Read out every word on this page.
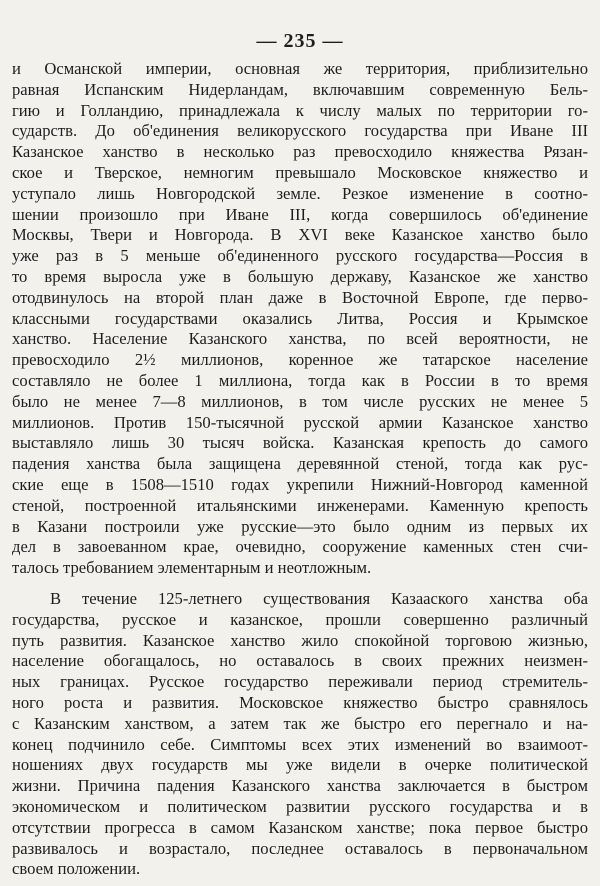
— 235 —
и Османской империи, основная же территория, приблизительно
равная Испанским Нидерландам, включавшим современную Бель-
гию и Голландию, принадлежала к числу малых по территории го-
сударств. До об'единения великорусского государства при Иване III
Казанское ханство в несколько раз превосходило княжества Рязан-
ское и Тверское, немногим превышало Московское княжество и
уступало лишь Новгородской земле. Резкое изменение в соотно-
шении произошло при Иване III, когда совершилось об'единение
Москвы, Твери и Новгорода. В XVI веке Казанское ханство было
уже раз в 5 меньше об'единенного русского государства—Россия в
то время выросла уже в большую державу, Казанское же ханство
отодвинулось на второй план даже в Восточной Европе, где перво-
классными государствами оказались Литва, Россия и Крымское
ханство. Население Казанского ханства, по всей вероятности, не
превосходило 2½ миллионов, коренное же татарское население
составляло не более 1 миллиона, тогда как в России в то время
было не менее 7—8 миллионов, в том числе русских не менее 5
миллионов. Против 150-тысячной русской армии Казанское ханство
выставляло лишь 30 тысяч войска. Казанская крепость до самого
падения ханства была защищена деревянной стеной, тогда как рус-
ские еще в 1508—1510 годах укрепили Нижний-Новгород каменной
стеной, построенной итальянскими инженерами. Каменную крепость
в Казани построили уже русские—это было одним из первых их
дел в завоеванном крае, очевидно, сооружение каменных стен счи-
талось требованием элементарным и неотложным.
В течение 125-летнего существования Казааского ханства оба
государства, русское и казанское, прошли совершенно различный
путь развития. Казанское ханство жило спокойной торговою жизнью,
население обогащалось, но оставалось в своих прежних неизмен-
ных границах. Русское государство переживали период стремитель-
ного роста и развития. Московское княжество быстро сравнялось
с Казанским ханством, а затем так же быстро его перегнало и на-
конец подчинило себе. Симптомы всех этих изменений во взаимоот-
ношениях двух государств мы уже видели в очерке политической
жизни. Причина падения Казанского ханства заключается в быстром
экономическом и политическом развитии русского государства и в
отсутствии прогресса в самом Казанском ханстве; пока первое быстро
развивалось и возрастало, последнее оставалось в первоначальном
своем положении.
